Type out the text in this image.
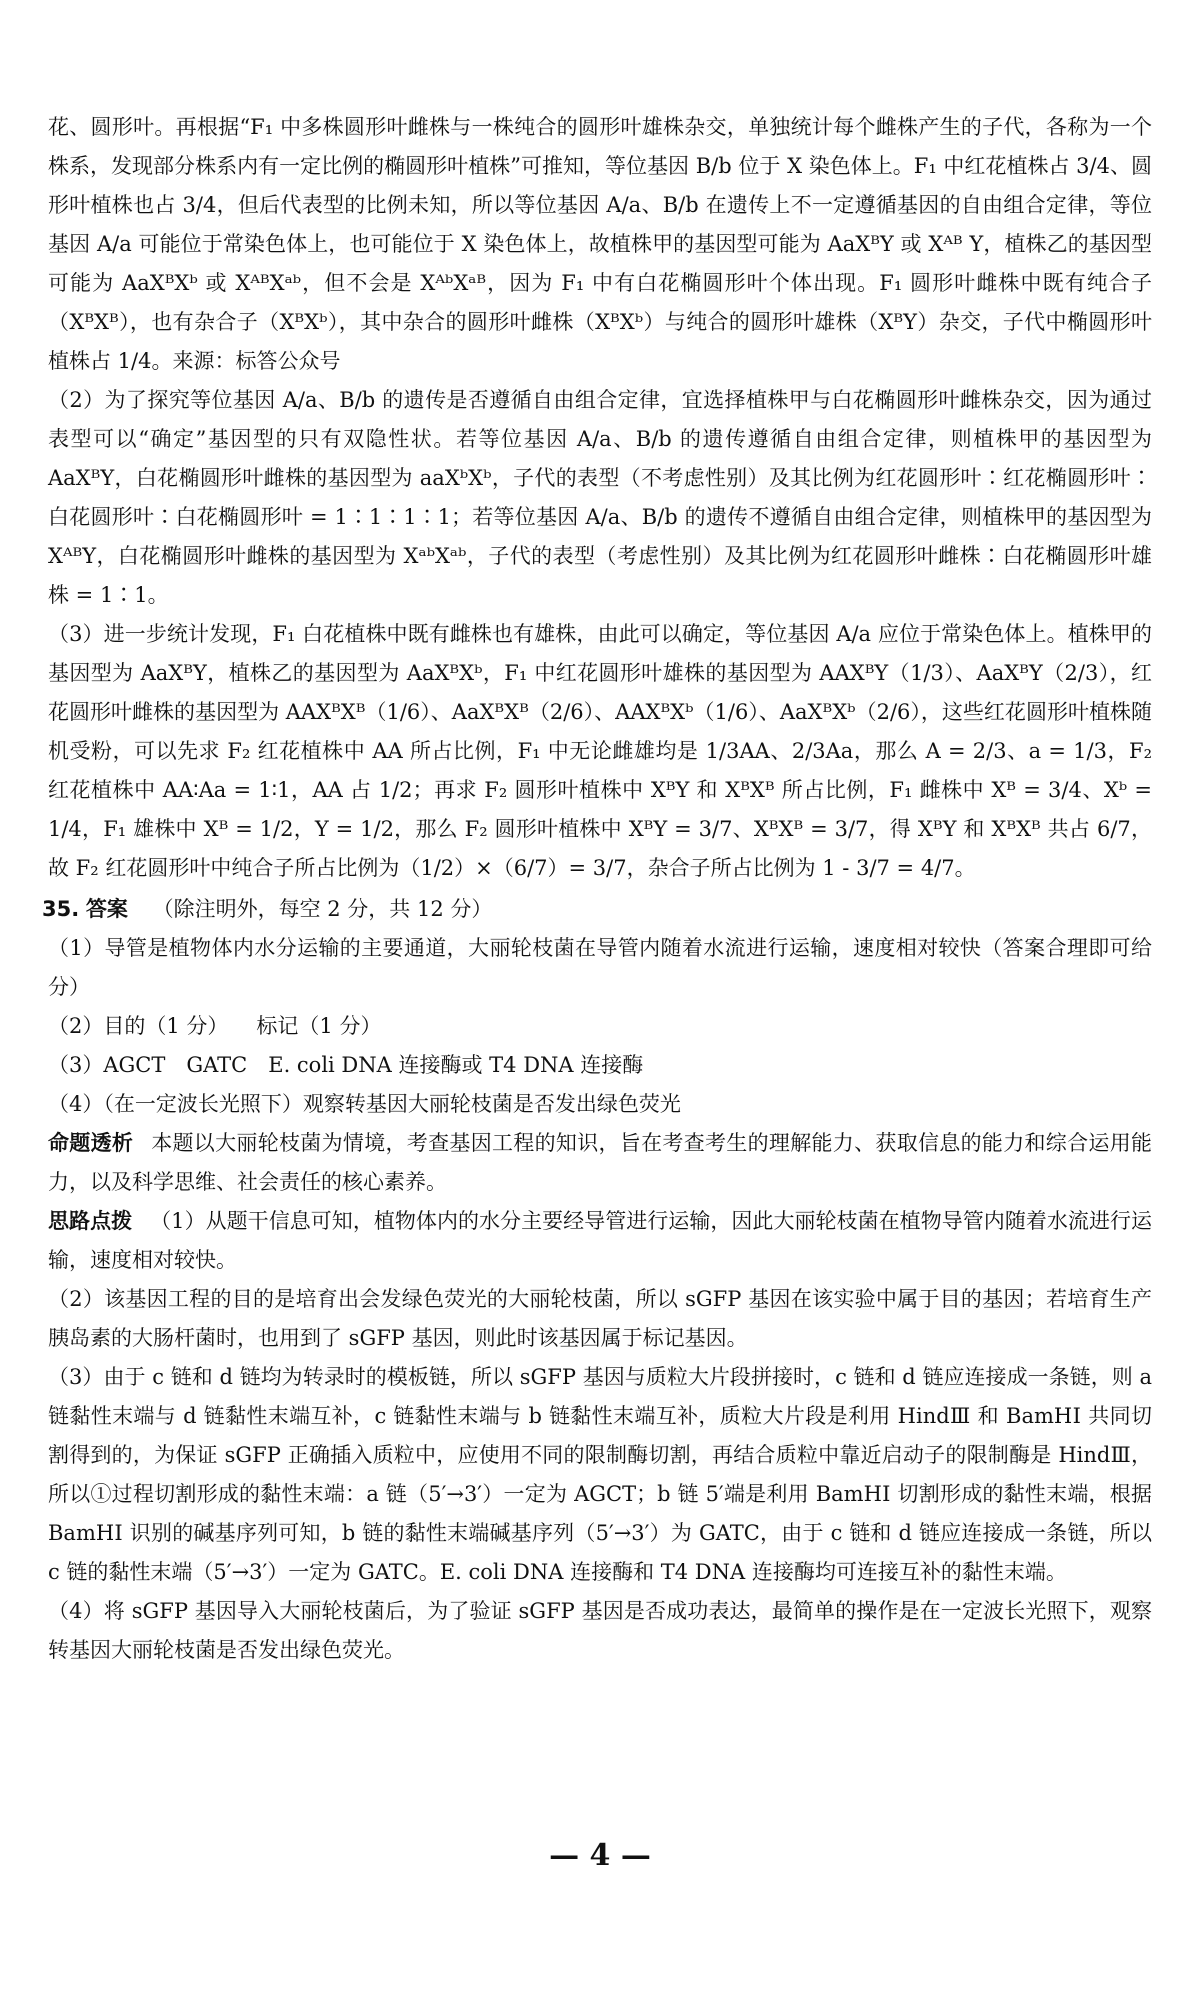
花、圆形叶。再根据“F₁ 中多株圆形叶雌株与一株纯合的圆形叶雄株杂交，单独统计每个雌株产生的子代，各称为一个株系，发现部分株系内有一定比例的椭圆形叶植株”可推知，等位基因 B/b 位于 X 染色体上。F₁ 中红花植株占 3/4、圆形叶植株也占 3/4，但后代表型的比例未知，所以等位基因 A/a、B/b 在遗传上不一定遵循基因的自由组合定律，等位基因 A/a 可能位于常染色体上，也可能位于 X 染色体上，故植株甲的基因型可能为 AaXᴮY 或 Xᴬᴮ Y，植株乙的基因型可能为 AaXᴮXᵇ 或 XᴬᴮXᵃᵇ，但不会是 XᴬᵇXᵃᴮ，因为 F₁ 中有白花椭圆形叶个体出现。F₁ 圆形叶雌株中既有纯合子（XᴮXᴮ），也有杂合子（XᴮXᵇ），其中杂合的圆形叶雌株（XᴮXᵇ）与纯合的圆形叶雄株（XᴮY）杂交，子代中椭圆形叶植株占 1/4。来源：标答公众号

（2）为了探究等位基因 A/a、B/b 的遗传是否遵循自由组合定律，宜选择植株甲与白花椭圆形叶雌株杂交，因为通过表型可以“确定”基因型的只有双隐性状。若等位基因 A/a、B/b 的遗传遵循自由组合定律，则植株甲的基因型为 AaXᴮY，白花椭圆形叶雌株的基因型为 aaXᵇXᵇ，子代的表型（不考虑性别）及其比例为红花圆形叶∶红花椭圆形叶∶白花圆形叶∶白花椭圆形叶 = 1∶1∶1∶1；若等位基因 A/a、B/b 的遗传不遵循自由组合定律，则植株甲的基因型为 XᴬᴮY，白花椭圆形叶雌株的基因型为 XᵃᵇXᵃᵇ，子代的表型（考虑性别）及其比例为红花圆形叶雌株∶白花椭圆形叶雄株 = 1∶1。

（3）进一步统计发现，F₁ 白花植株中既有雌株也有雄株，由此可以确定，等位基因 A/a 应位于常染色体上。植株甲的基因型为 AaXᴮY，植株乙的基因型为 AaXᴮXᵇ，F₁ 中红花圆形叶雄株的基因型为 AAXᴮY（1/3）、AaXᴮY（2/3），红花圆形叶雌株的基因型为 AAXᴮXᴮ（1/6）、AaXᴮXᴮ（2/6）、AAXᴮXᵇ（1/6）、AaXᴮXᵇ（2/6），这些红花圆形叶植株随机受粉，可以先求 F₂ 红花植株中 AA 所占比例，F₁ 中无论雌雄均是 1/3AA、2/3Aa，那么 A = 2/3、a = 1/3，F₂ 红花植株中 AA∶Aa = 1∶1，AA 占 1/2；再求 F₂ 圆形叶植株中 XᴮY 和 XᴮXᴮ 所占比例，F₁ 雌株中 Xᴮ = 3/4、Xᵇ = 1/4，F₁ 雄株中 Xᴮ = 1/2，Y = 1/2，那么 F₂ 圆形叶植株中 XᴮY = 3/7、XᴮXᴮ = 3/7，得 XᴮY 和 XᴮXᴮ 共占 6/7，故 F₂ 红花圆形叶中纯合子所占比例为（1/2）×（6/7）= 3/7，杂合子所占比例为 1 - 3/7 = 4/7。

35. 答案 （除注明外，每空 2 分，共 12 分）

（1）导管是植物体内水分运输的主要通道，大丽轮枝菌在导管内随着水流进行运输，速度相对较快（答案合理即可给分）

（2）目的（1 分） 标记（1 分）

（3）AGCT　GATC　E. coli DNA 连接酶或 T4 DNA 连接酶

（4）（在一定波长光照下）观察转基因大丽轮枝菌是否发出绿色荧光

命题透析 本题以大丽轮枝菌为情境，考查基因工程的知识，旨在考查考生的理解能力、获取信息的能力和综合运用能力，以及科学思维、社会责任的核心素养。

思路点拨 （1）从题干信息可知，植物体内的水分主要经导管进行运输，因此大丽轮枝菌在植物导管内随着水流进行运输，速度相对较快。

（2）该基因工程的目的是培育出会发绿色荧光的大丽轮枝菌，所以 sGFP 基因在该实验中属于目的基因；若培育生产胰岛素的大肠杆菌时，也用到了 sGFP 基因，则此时该基因属于标记基因。

（3）由于 c 链和 d 链均为转录时的模板链，所以 sGFP 基因与质粒大片段拼接时，c 链和 d 链应连接成一条链，则 a 链黏性末端与 d 链黏性末端互补，c 链黏性末端与 b 链黏性末端互补，质粒大片段是利用 HindⅢ 和 BamHⅠ 共同切割得到的，为保证 sGFP 正确插入质粒中，应使用不同的限制酶切割，再结合质粒中靠近启动子的限制酶是 HindⅢ，所以①过程切割形成的黏性末端：a 链（5′→3′）一定为 AGCT；b 链 5′端是利用 BamHⅠ 切割形成的黏性末端，根据 BamHⅠ 识别的碱基序列可知，b 链的黏性末端碱基序列（5′→3′）为 GATC，由于 c 链和 d 链应连接成一条链，所以 c 链的黏性末端（5′→3′）一定为 GATC。E. coli DNA 连接酶和 T4 DNA 连接酶均可连接互补的黏性末端。

（4）将 sGFP 基因导入大丽轮枝菌后，为了验证 sGFP 基因是否成功表达，最简单的操作是在一定波长光照下，观察转基因大丽轮枝菌是否发出绿色荧光。

— 4 —
